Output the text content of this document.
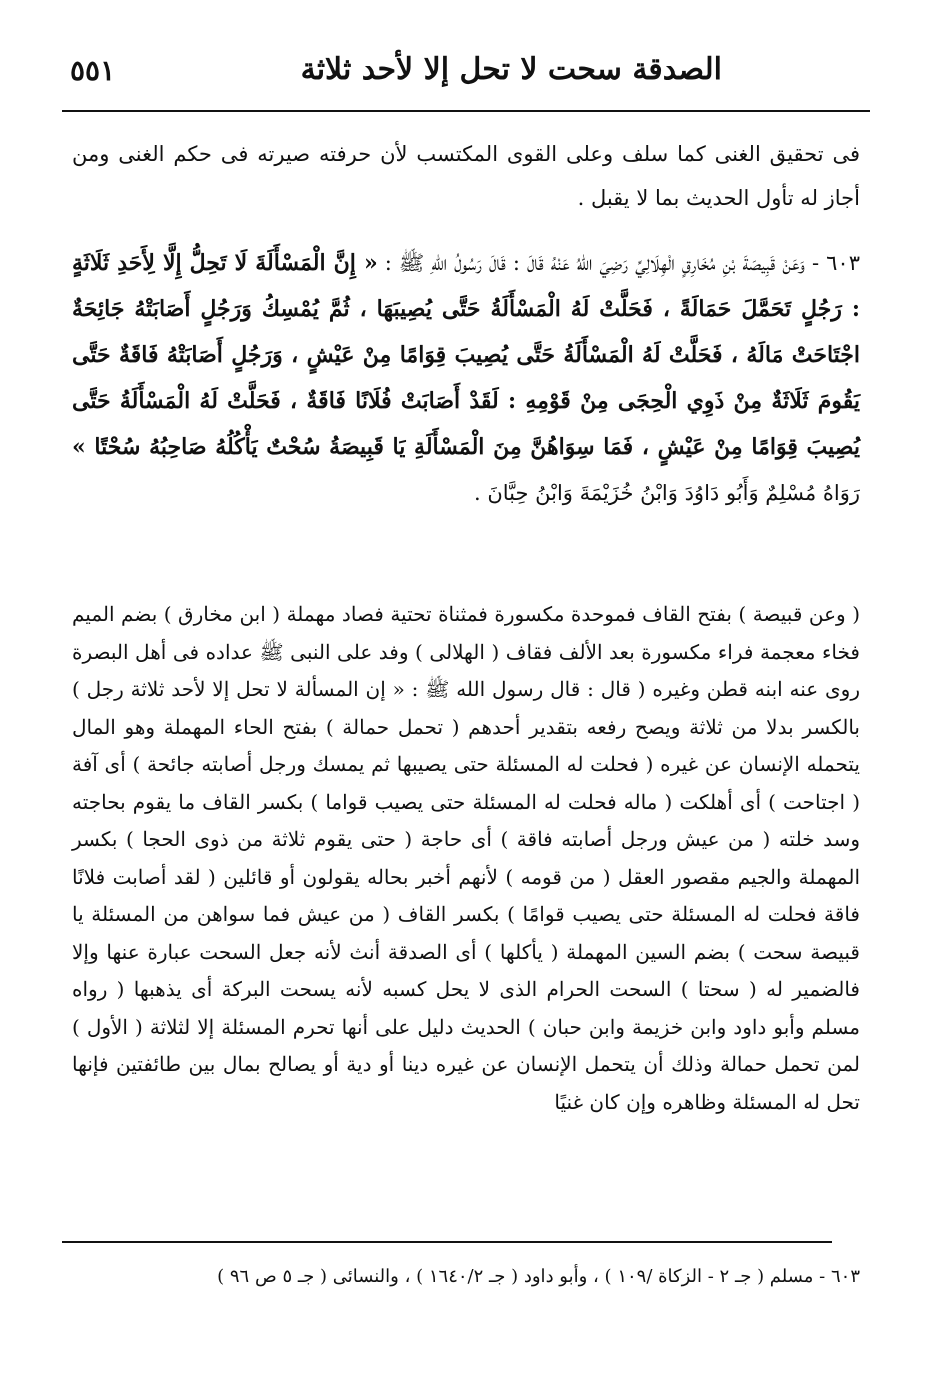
٥٥١	الصدقة سحت لا تحل إلا لأحد ثلاثة

فى تحقيق الغنى كما سلف وعلى القوى المكتسب لأن حرفته صيرته فى حكم الغنى ومن أجاز له تأول الحديث بما لا يقبل .

٦٠٣ - وَعَنْ قَبِيصَةَ بْنِ مُخَارِقٍ الْهِلَالِيِّ رَضِيَ اللهُ عَنْهُ قَالَ : قَالَ رَسُولُ اللهِ ﷺ : « إِنَّ الْمَسْأَلَةَ لَا تَحِلُّ إِلَّا لِأَحَدِ ثَلَاثَةٍ : رَجُلٍ تَحَمَّلَ حَمَالَةً ، فَحَلَّتْ لَهُ الْمَسْأَلَةُ حَتَّى يُصِيبَهَا ، ثُمَّ يُمْسِكُ وَرَجُلٍ أَصَابَتْهُ جَائِحَةٌ اجْتَاحَتْ مَالَهُ ، فَحَلَّتْ لَهُ الْمَسْأَلَةُ حَتَّى يُصِيبَ قِوَامًا مِنْ عَيْشٍ ، وَرَجُلٍ أَصَابَتْهُ فَاقَةٌ حَتَّى يَقُومَ ثَلَاثَةٌ مِنْ ذَوِي الْحِجَى مِنْ قَوْمِهِ : لَقَدْ أَصَابَتْ فُلَانًا فَاقَةٌ ، فَحَلَّتْ لَهُ الْمَسْأَلَةُ حَتَّى يُصِيبَ قِوَامًا مِنْ عَيْشٍ ، فَمَا سِوَاهُنَّ مِنَ الْمَسْأَلَةِ يَا قَبِيصَةُ سُحْتٌ يَأْكُلُهُ صَاحِبُهُ سُحْتًا » رَوَاهُ مُسْلِمٌ وَأَبُو دَاوُدَ وَابْنُ خُزَيْمَةَ وَابْنُ حِبَّانَ .

( وعن قبيصة ) بفتح القاف فموحدة مكسورة فمثناة تحتية فصاد مهملة ( ابن مخارق ) بضم الميم فخاء معجمة فراء مكسورة بعد الألف فقاف ( الهلالى ) وفد على النبى ﷺ عداده فى أهل البصرة روى عنه ابنه قطن وغيره ( قال : قال رسول الله ﷺ : « إن المسألة لا تحل إلا لأحد ثلاثة رجل ) بالكسر بدلا من ثلاثة ويصح رفعه بتقدير أحدهم ( تحمل حمالة ) بفتح الحاء المهملة وهو المال يتحمله الإنسان عن غيره ( فحلت له المسئلة حتى يصيبها ثم يمسك ورجل أصابته جائحة ) أى آفة ( اجتاحت ) أى أهلكت ( ماله فحلت له المسئلة حتى يصيب قواما ) بكسر القاف ما يقوم بحاجته وسد خلته ( من عيش ورجل أصابته فاقة ) أى حاجة ( حتى يقوم ثلاثة من ذوى الحجا ) بكسر المهملة والجيم مقصور العقل ( من قومه ) لأنهم أخبر بحاله يقولون أو قائلين ( لقد أصابت فلانًا فاقة فحلت له المسئلة حتى يصيب قوامًا ) بكسر القاف ( من عيش فما سواهن من المسئلة يا قبيصة سحت ) بضم السين المهملة ( يأكلها ) أى الصدقة أنث لأنه جعل السحت عبارة عنها وإلا فالضمير له ( سحتا ) السحت الحرام الذى لا يحل كسبه لأنه يسحت البركة أى يذهبها ( رواه مسلم وأبو داود وابن خزيمة وابن حبان ) الحديث دليل على أنها تحرم المسئلة إلا لثلاثة ( الأول ) لمن تحمل حمالة وذلك أن يتحمل الإنسان عن غيره دينا أو دية أو يصالح بمال بين طائفتين فإنها تحل له المسئلة وظاهره وإن كان غنيًا

٦٠٣ - مسلم ( جـ ٢ - الزكاة /١٠٩ ) ، وأبو داود ( جـ ١٦٤٠/٢ ) ، والنسائى ( جـ ٥ ص ٩٦ )
